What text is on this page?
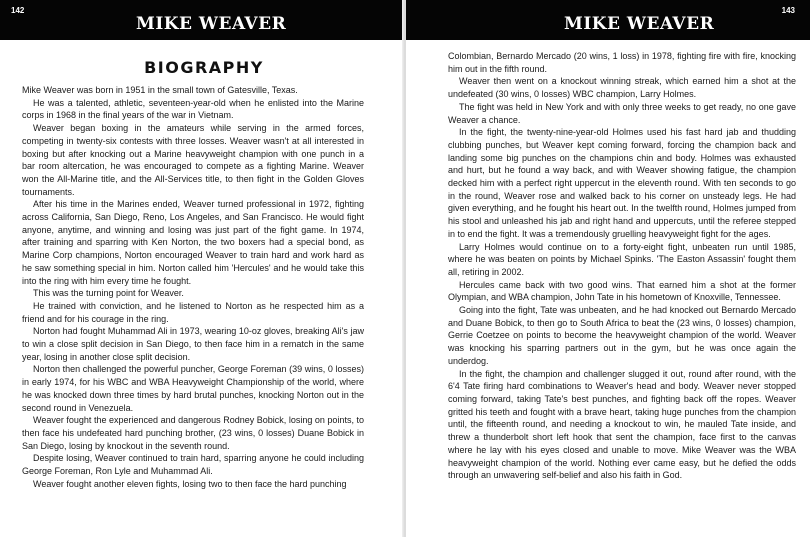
142
MIKE WEAVER
BIOGRAPHY

Mike Weaver was born in 1951 in the small town of Gatesville, Texas.

He was a talented, athletic, seventeen-year-old when he enlisted into the Marine corps in 1968 in the final years of the war in Vietnam.

Weaver began boxing in the amateurs while serving in the armed forces, competing in twenty-six contests with three losses. Weaver wasn't at all interested in boxing but after knocking out a Marine heavyweight champion with one punch in a bar room altercation, he was encouraged to compete as a fighting Marine. Weaver won the All-Marine title, and the All-Services title, to then fight in the Golden Gloves tournaments.

After his time in the Marines ended, Weaver turned professional in 1972, fighting across California, San Diego, Reno, Los Angeles, and San Francisco. He would fight anyone, anytime, and winning and losing was just part of the fight game. In 1974, after training and sparring with Ken Norton, the two boxers had a special bond, as Marine Corp champions, Norton encouraged Weaver to train hard and work hard as he saw something special in him. Norton called him 'Hercules' and he would take this into the ring with him every time he fought.

This was the turning point for Weaver.

He trained with conviction, and he listened to Norton as he respected him as a friend and for his courage in the ring.

Norton had fought Muhammad Ali in 1973, wearing 10-oz gloves, breaking Ali's jaw to win a close split decision in San Diego, to then face him in a rematch in the same year, losing in another close split decision.

Norton then challenged the powerful puncher, George Foreman (39 wins, 0 losses) in early 1974, for his WBC and WBA Heavyweight Championship of the world, where he was knocked down three times by hard brutal punches, knocking Norton out in the second round in Venezuela.

Weaver fought the experienced and dangerous Rodney Bobick, losing on points, to then face his undefeated hard punching brother, (23 wins, 0 losses) Duane Bobick in San Diego, losing by knockout in the seventh round.

Despite losing, Weaver continued to train hard, sparring anyone he could including George Foreman, Ron Lyle and Muhammad Ali.

Weaver fought another eleven fights, losing two to then face the hard punching

MIKE WEAVER
143

Colombian, Bernardo Mercado (20 wins, 1 loss) in 1978, fighting fire with fire, knocking him out in the fifth round.

Weaver then went on a knockout winning streak, which earned him a shot at the undefeated (30 wins, 0 losses) WBC champion, Larry Holmes.

The fight was held in New York and with only three weeks to get ready, no one gave Weaver a chance.

In the fight, the twenty-nine-year-old Holmes used his fast hard jab and thudding clubbing punches, but Weaver kept coming forward, forcing the champion back and landing some big punches on the champions chin and body. Holmes was exhausted and hurt, but he found a way back, and with Weaver showing fatigue, the champion decked him with a perfect right uppercut in the eleventh round. With ten seconds to go in the round, Weaver rose and walked back to his corner on unsteady legs. He had given everything, and he fought his heart out. In the twelfth round, Holmes jumped from his stool and unleashed his jab and right hand and uppercuts, until the referee stepped in to end the fight. It was a tremendously gruelling heavyweight fight for the ages.

Larry Holmes would continue on to a forty-eight fight, unbeaten run until 1985, where he was beaten on points by Michael Spinks. 'The Easton Assassin' fought them all, retiring in 2002.

Hercules came back with two good wins. That earned him a shot at the former Olympian, and WBA champion, John Tate in his hometown of Knoxville, Tennessee.

Going into the fight, Tate was unbeaten, and he had knocked out Bernardo Mercado and Duane Bobick, to then go to South Africa to beat the (23 wins, 0 losses) champion, Gerrie Coetzee on points to become the heavyweight champion of the world. Weaver was knocking his sparring partners out in the gym, but he was once again the underdog.

In the fight, the champion and challenger slugged it out, round after round, with the 6'4 Tate firing hard combinations to Weaver's head and body. Weaver never stopped coming forward, taking Tate's best punches, and fighting back off the ropes. Weaver gritted his teeth and fought with a brave heart, taking huge punches from the champion until, the fifteenth round, and needing a knockout to win, he mauled Tate inside, and threw a thunderbolt short left hook that sent the champion, face first to the canvas where he lay with his eyes closed and unable to move. Mike Weaver was the WBA heavyweight champion of the world. Nothing ever came easy, but he defied the odds through an unwavering self-belief and also his faith in God.
